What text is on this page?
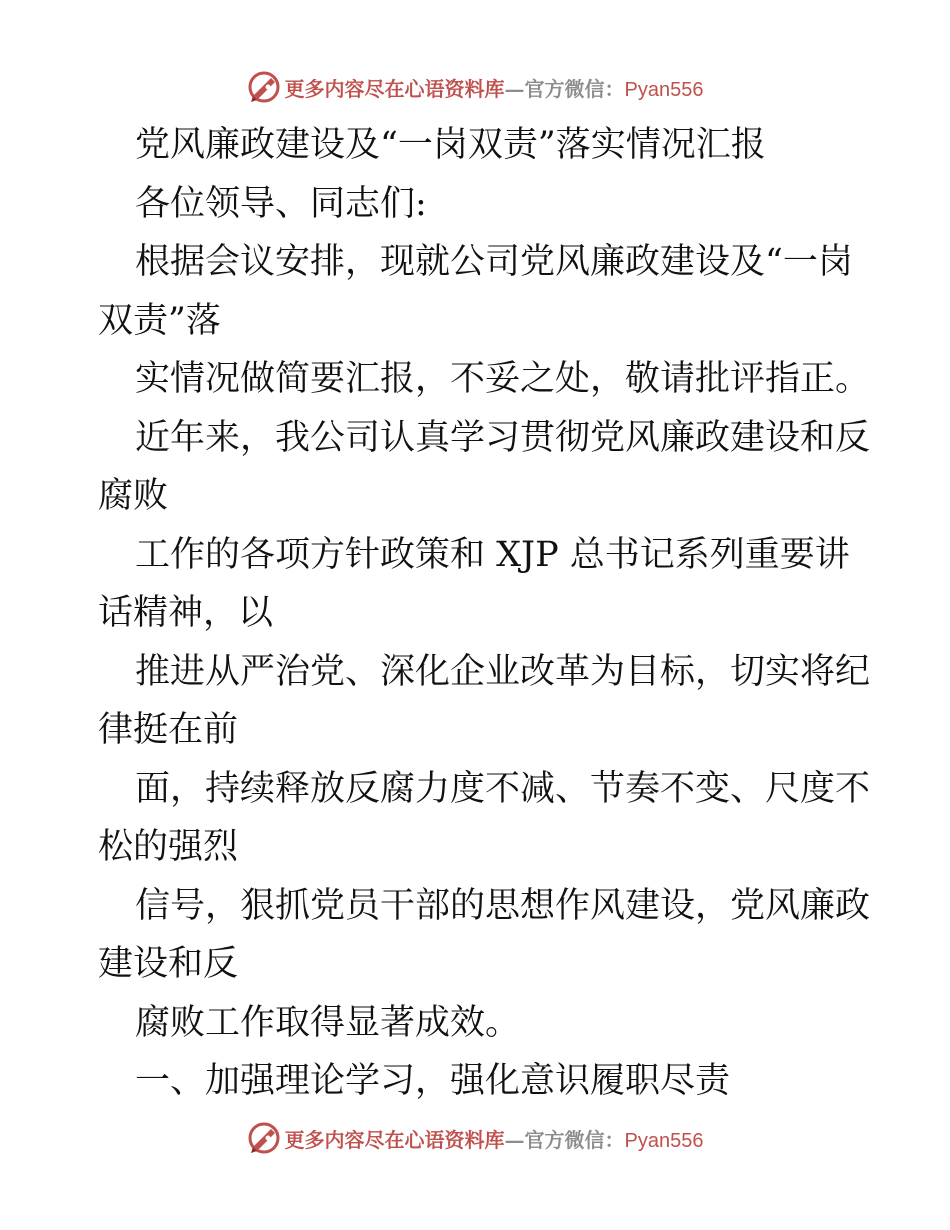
更多内容尽在心语资料库—官方微信：Pyan556

党风廉政建设及“一岗双责”落实情况汇报

各位领导、同志们:

根据会议安排，现就公司党风廉政建设及“一岗

双责”落

实情况做简要汇报，不妥之处，敬请批评指正。

近年来，我公司认真学习贯彻党风廉政建设和反

腐败

工作的各项方针政策和 XJP 总书记系列重要讲

话精神，以

推进从严治党、深化企业改革为目标，切实将纪

律挺在前

面，持续释放反腐力度不减、节奏不变、尺度不

松的强烈

信号，狠抓党员干部的思想作风建设，党风廉政

建设和反

腐败工作取得显著成效。

一、加强理论学习，强化意识履职尽责

更多内容尽在心语资料库—官方微信：Pyan556
